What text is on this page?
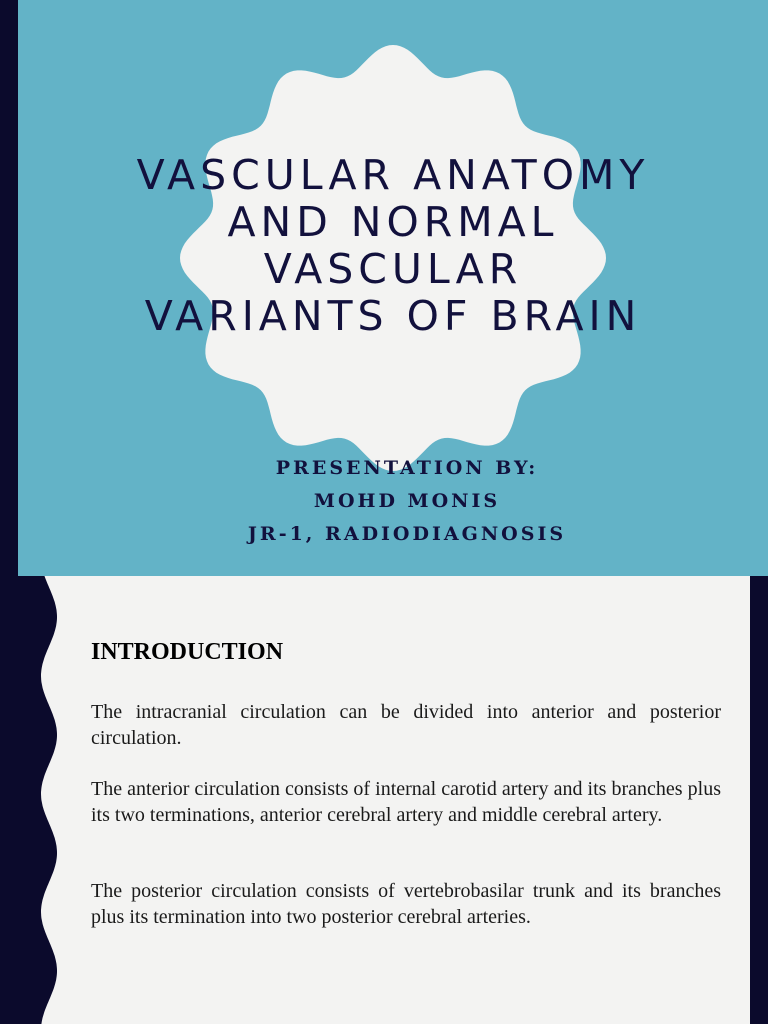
VASCULAR ANATOMY AND NORMAL VASCULAR VARIANTS OF BRAIN
PRESENTATION BY:
MOHD MONIS
JR-1, RADIODIAGNOSIS
INTRODUCTION

The intracranial circulation can be divided into anterior and posterior circulation.

The anterior circulation consists of internal carotid artery and its branches plus its two terminations, anterior cerebral artery and middle cerebral artery.

The posterior circulation consists of vertebrobasilar trunk and its branches plus its termination into two posterior cerebral arteries.
